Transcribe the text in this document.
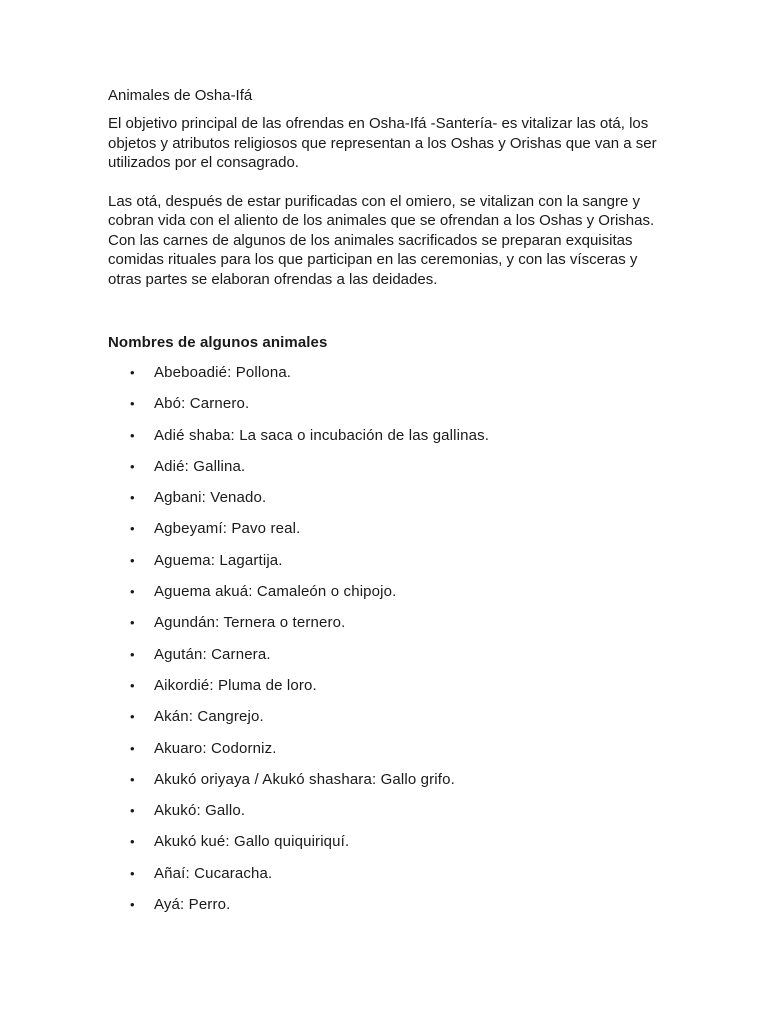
Animales de Osha-Ifá

El objetivo principal de las ofrendas en Osha-Ifá -Santería- es vitalizar las otá, los objetos y atributos religiosos que representan a los Oshas y Orishas que van a ser utilizados por el consagrado.

Las otá, después de estar purificadas con el omiero, se vitalizan con la sangre y cobran vida con el aliento de los animales que se ofrendan a los Oshas y Orishas. Con las carnes de algunos de los animales sacrificados se preparan exquisitas comidas rituales para los que participan en las ceremonias, y con las vísceras y otras partes se elaboran ofrendas a las deidades.

Nombres de algunos animales
•	Abeboadié: Pollona.
•	Abó: Carnero.
•	Adié shaba: La saca o incubación de las gallinas.
•	Adié: Gallina.
•	Agbani: Venado.
•	Agbeyamí: Pavo real.
•	Aguema: Lagartija.
•	Aguema akuá: Camaleón o chipojo.
•	Agundán: Ternera o ternero.
•	Agután: Carnera.
•	Aikordié: Pluma de loro.
•	Akán: Cangrejo.
•	Akuaro: Codorniz.
•	Akukó oriyaya / Akukó shashara: Gallo grifo.
•	Akukó: Gallo.
•	Akukó kué: Gallo quiquiriquí.
•	Añaí: Cucaracha.
•	Ayá: Perro.
